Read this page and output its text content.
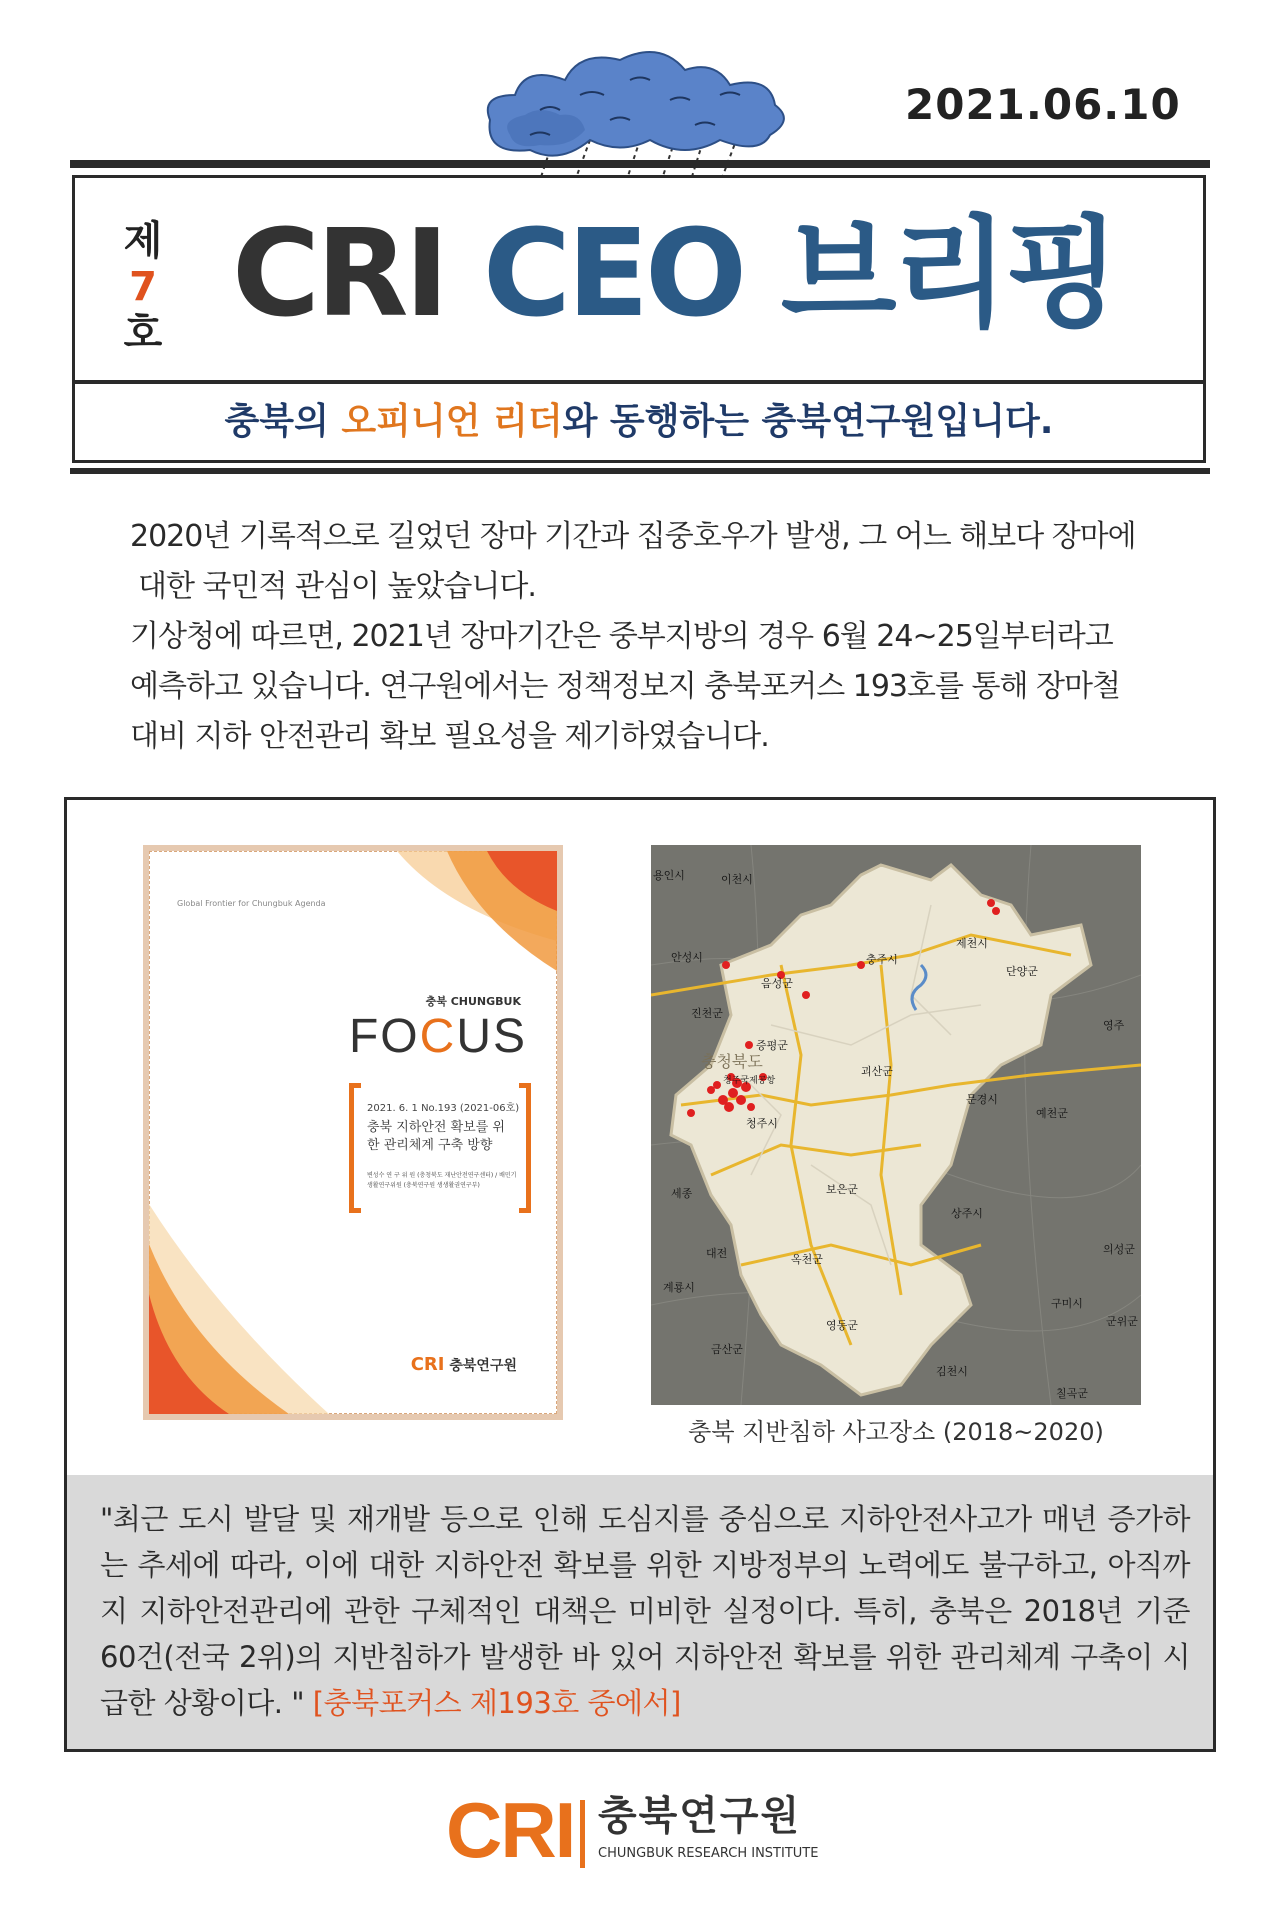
2021.06.10
제
7
호 CRI CEO 브리핑
충북의 오피니언 리더와 동행하는 충북연구원입니다.

2020년 기록적으로 길었던 장마 기간과 집중호우가 발생, 그 어느 해보다 장마에

대한 국민적 관심이 높았습니다.

기상청에 따르면, 2021년 장마기간은 중부지방의 경우 6월 24~25일부터라고

예측하고 있습니다. 연구원에서는 정책정보지 충북포커스 193호를 통해 장마철

대비 지하 안전관리 확보 필요성을 제기하였습니다.

Global Frontier for Chungbuk Agenda
충북 CHUNGBUK
FOCUS
2021. 6. 1 No.193 (2021-06호)
충북 지하안전 확보를 위한 관리체계 구축 방향
변성수 연 구 위 원 (충청북도 재난안전연구센터) / 배민기 생활연구위원 (충북연구원 생생활권연구부)
CRI 충북연구원
용인시	이천시
안성시
음성군
충주시
제천시
단양군
진천군
증평군
충청북도
청주국제공항
청주시
괴산군
문경시
예천군
세종	보은군
상주시
대전	옥천군
계룡시
영동군
구미시
김천시
영주
금산군
의성군
군위군
칠곡군
충북 지반침하 사고장소 (2018~2020)
"최근 도시 발달 및 재개발 등으로 인해 도심지를 중심으로 지하안전사고가 매년 증가하는 추세에 따라, 이에 대한 지하안전 확보를 위한 지방정부의 노력에도 불구하고, 아직까지 지하안전관리에 관한 구체적인 대책은 미비한 실정이다. 특히, 충북은 2018년 기준 60건(전국 2위)의 지반침하가 발생한 바 있어 지하안전 확보를 위한 관리체계 구축이 시급한 상황이다. " [충북포커스 제193호 중에서]
CRI 충북연구원
CHUNGBUK RESEARCH INSTITUTE
